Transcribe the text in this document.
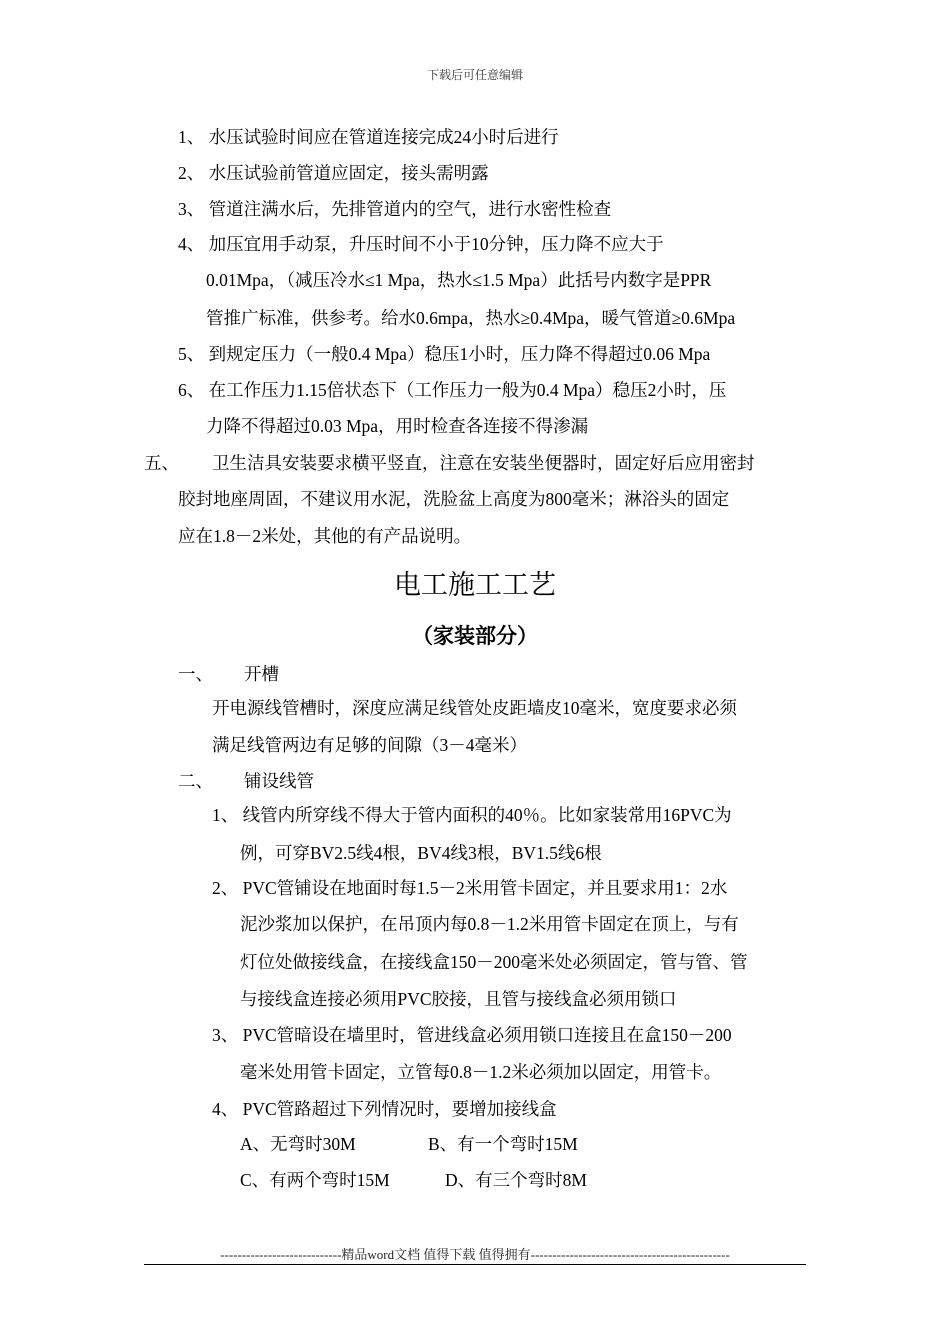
下载后可任意编辑
1、 水压试验时间应在管道连接完成24小时后进行
2、 水压试验前管道应固定，接头需明露
3、 管道注满水后，先排管道内的空气，进行水密性检查
4、 加压宜用手动泵，升压时间不小于10分钟，压力降不应大于
0.01Mpa，（减压冷水≤1 Mpa，热水≤1.5 Mpa）此括号内数字是PPR
管推广标准，供参考。给水0.6mpa，热水≥0.4Mpa，暖气管道≥0.6Mpa
5、 到规定压力（一般0.4 Mpa）稳压1小时，压力降不得超过0.06 Mpa
6、 在工作压力1.15倍状态下（工作压力一般为0.4 Mpa）稳压2小时，压
力降不得超过0.03 Mpa，用时检查各连接不得渗漏
五、 卫生洁具安装要求横平竖直，注意在安装坐便器时，固定好后应用密封
胶封地座周固，不建议用水泥，洗脸盆上高度为800毫米；淋浴头的固定
应在1.8－2米处，其他的有产品说明。
电工施工工艺
（家装部分）
一、 开槽
开电源线管槽时，深度应满足线管处皮距墙皮10毫米，宽度要求必须
满足线管两边有足够的间隙（3－4毫米）
二、 铺设线管
1、 线管内所穿线不得大于管内面积的40％。比如家装常用16PVC为
例，可穿BV2.5线4根，BV4线3根，BV1.5线6根
2、 PVC管铺设在地面时每1.5－2米用管卡固定，并且要求用1：2水
泥沙浆加以保护，在吊顶内每0.8－1.2米用管卡固定在顶上，与有
灯位处做接线盒，在接线盒150－200毫米处必须固定，管与管、管
与接线盒连接必须用PVC胶接，且管与接线盒必须用锁口
3、 PVC管暗设在墙里时，管进线盒必须用锁口连接且在盒150－200
毫米处用管卡固定，立管每0.8－1.2米必须加以固定，用管卡。
4、 PVC管路超过下列情况时，要增加接线盒
A、无弯时30M	B、有一个弯时15M
C、有两个弯时15M	D、有三个弯时8M
----------------------------精品word文档 值得下载 值得拥有----------------------------------------------
